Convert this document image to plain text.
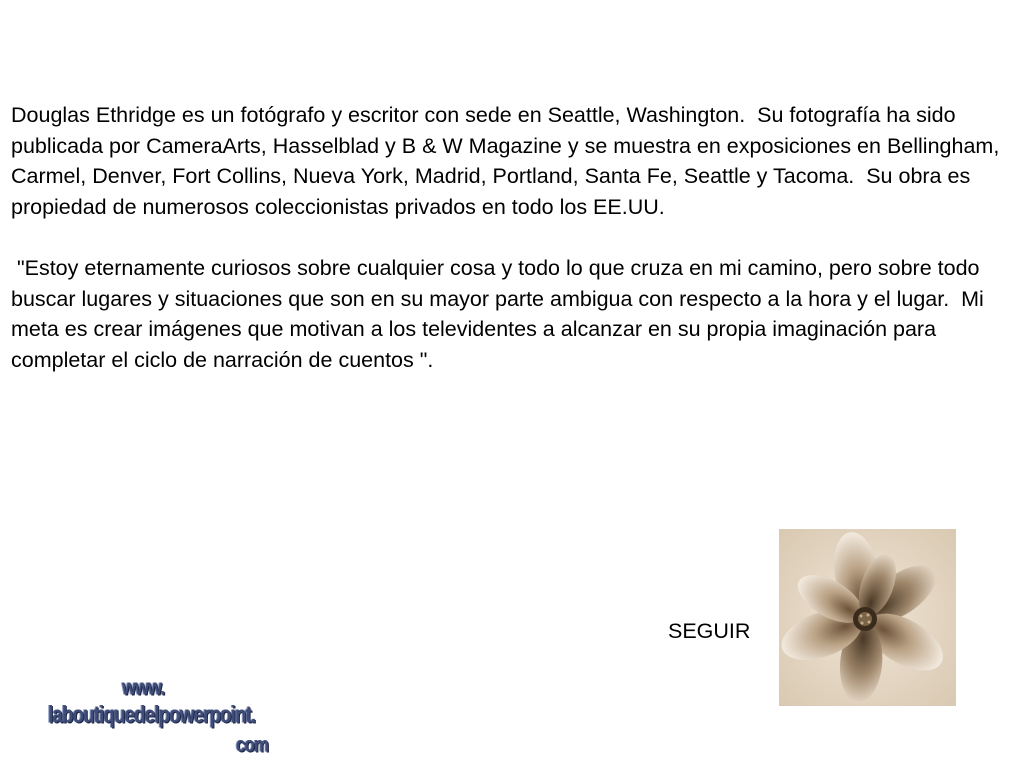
Douglas Ethridge es un fotógrafo y escritor con sede en Seattle, Washington.  Su fotografía ha sido publicada por CameraArts, Hasselblad y B & W Magazine y se muestra en exposiciones en Bellingham, Carmel, Denver, Fort Collins, Nueva York, Madrid, Portland, Santa Fe, Seattle y Tacoma.  Su obra es propiedad de numerosos coleccionistas privados en todo los EE.UU.

"Estoy eternamente curiosos sobre cualquier cosa y todo lo que cruza en mi camino, pero sobre todo buscar lugares y situaciones que son en su mayor parte ambigua con respecto a la hora y el lugar.  Mi meta es crear imágenes que motivan a los televidentes a alcanzar en su propia imaginación para completar el ciclo de narración de cuentos ".

SEGUIR
www.
laboutiquedelpowerpoint.
com
